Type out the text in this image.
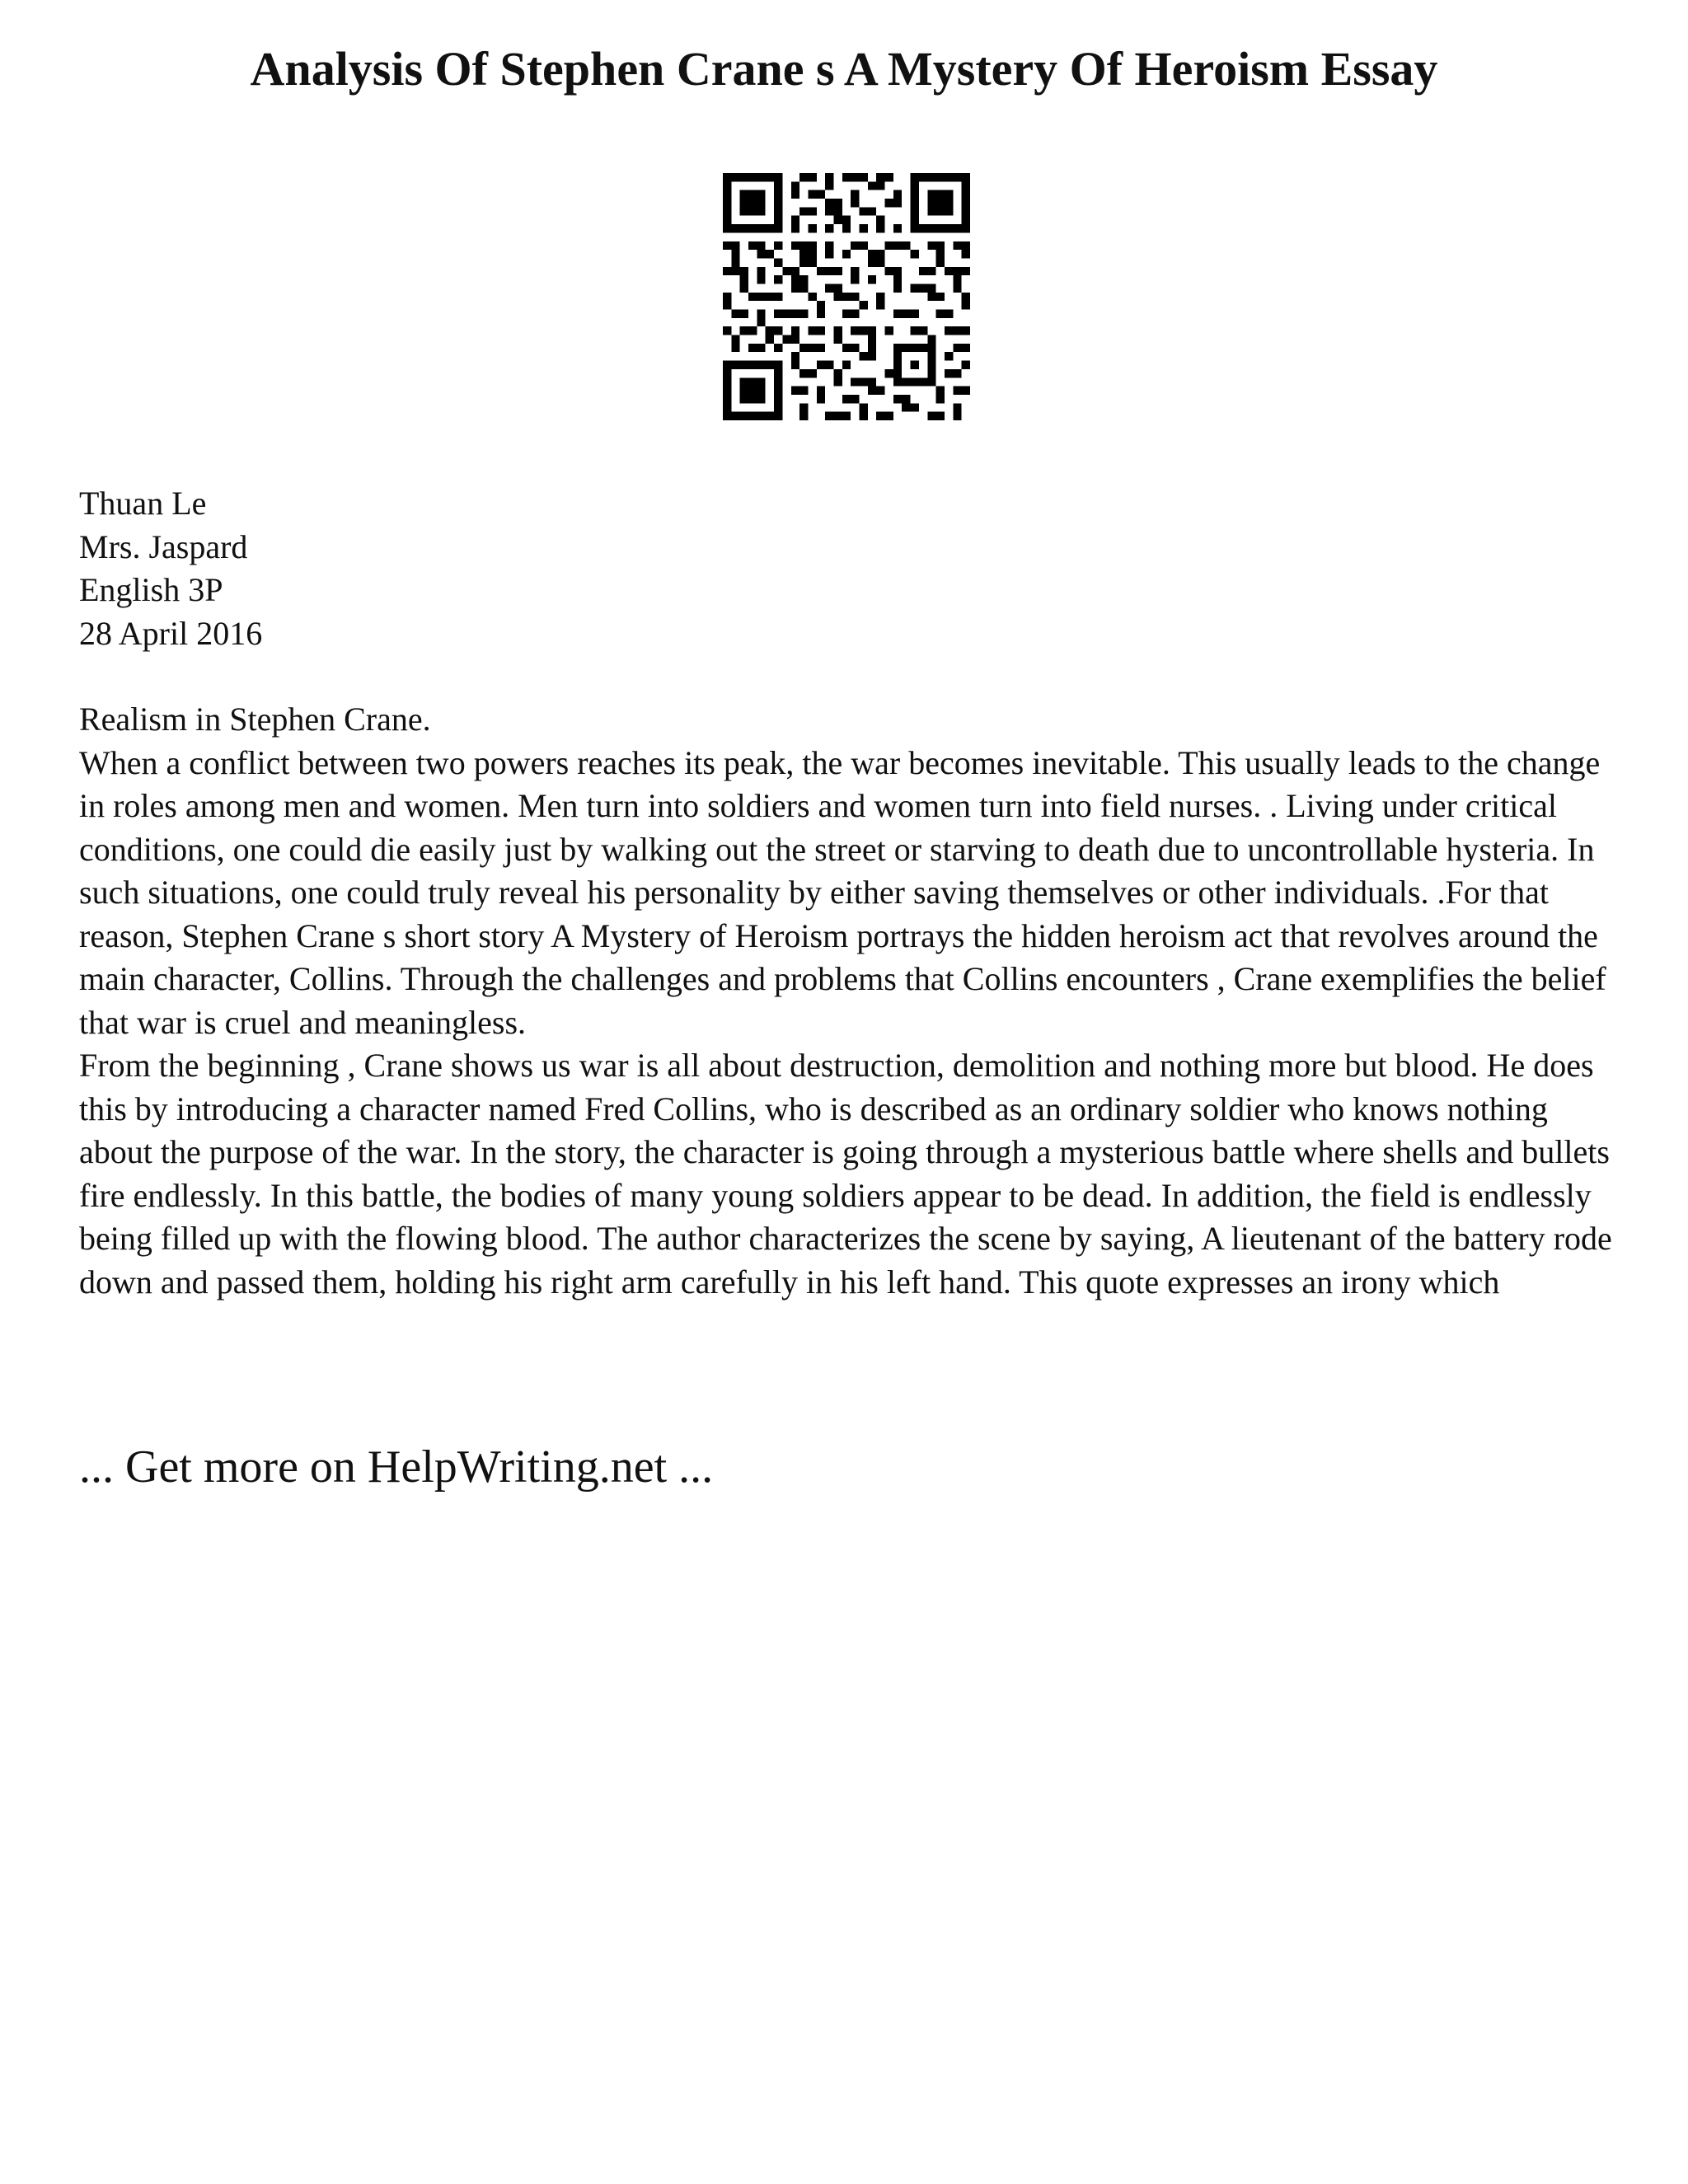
Analysis Of Stephen Crane s A Mystery Of Heroism Essay
Thuan Le
Mrs. Jaspard
English 3P
28 April 2016
Realism in Stephen Crane.

When a conflict between two powers reaches its peak, the war becomes inevitable. This usually leads to the change in roles among men and women. Men turn into soldiers and women turn into field nurses. . Living under critical conditions, one could die easily just by walking out the street or starving to death due to uncontrollable hysteria. In such situations, one could truly reveal his personality by either saving themselves or other individuals. .For that reason, Stephen Crane s short story A Mystery of Heroism portrays the hidden heroism act that revolves around the main character, Collins. Through the challenges and problems that Collins encounters , Crane exemplifies the belief that war is cruel and meaningless.

From the beginning , Crane shows us war is all about destruction, demolition and nothing more but blood. He does this by introducing a character named Fred Collins, who is described as an ordinary soldier who knows nothing about the purpose of the war. In the story, the character is going through a mysterious battle where shells and bullets fire endlessly. In this battle, the bodies of many young soldiers appear to be dead. In addition, the field is endlessly being filled up with the flowing blood. The author characterizes the scene by saying, A lieutenant of the battery rode down and passed them, holding his right arm carefully in his left hand. This quote expresses an irony which

... Get more on HelpWriting.net ...
